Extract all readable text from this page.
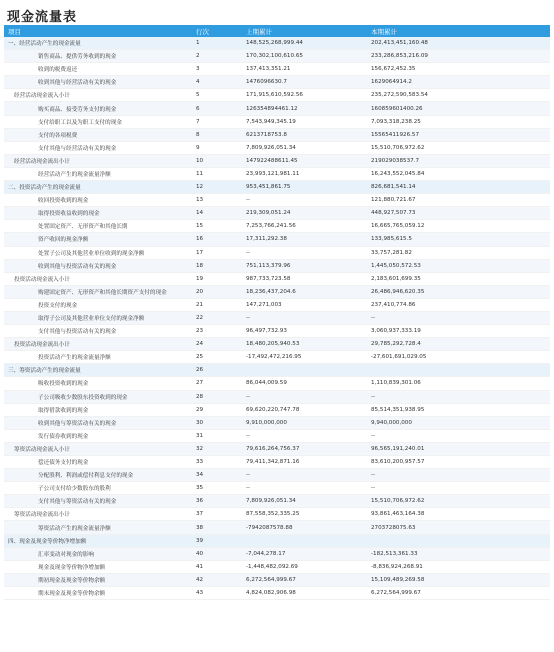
现金流量表
项目	行次	上期累计	本期累计
一、经营活动产生的现金流量	1	148,525,268,999.44	202,413,451,160.48
销售商品、提供劳务收到的现金	2	170,302,100,610.65	233,286,853,216.09
收到的税费返还	3	137,413,351.21	156,672,452.35
收到其他与经营活动有关的现金	4	1476096630.7	1629064914.2
经营活动现金流入小计	5	171,915,610,592.56	235,272,590,583.54
购买商品、接受劳务支付的现金	6	126354894461.12	160859601400.26
支付给职工以及为职工支付的现金	7	7,543,949,345.19	7,093,318,238.25
支付的各项税费	8	6213718753.8	15565411926.57
支付其他与经营活动有关的现金	9	7,809,926,051.34	15,510,706,972.62
经营活动现金流出小计	10	147922488611.45	219029038537.7
经营活动产生的现金流量净额	11	23,993,121,981.11	16,243,552,045.84
二、投资活动产生的现金流量	12	953,451,861.75	826,681,541.14
收回投资收到的现金	13	--	121,880,721.67
取得投资收益收到的现金	14	219,309,051.24	448,927,507.73
处置固定资产、无形资产和其他长期	15	7,253,766,241.56	16,665,765,059.12
资产收回的现金净额	16	17,311,292.38	133,985,615.5
处置子公司及其他营业单位收到的现金净额	17	--	33,757,281.82
收到其他与投资活动有关的现金	18	751,113,379.96	1,445,050,572.53
投资活动现金流入小计	19	987,733,723.58	2,183,601,699.35
购建固定资产、无形资产和其他长期资产支付的现金	20	18,236,437,204.6	26,486,946,620.35
投资支付的现金	21	147,271,003	237,410,774.86
取得子公司及其他营业单位支付的现金净额	22	--	--
支付其他与投资活动有关的现金	23	96,497,732.93	3,060,937,333.19
投资活动现金流出小计	24	18,480,205,940.53	29,785,292,728.4
投资活动产生的现金流量净额	25	-17,492,472,216.95	-27,601,691,029.05
三、筹资活动产生的现金流量	26
吸收投资收到的现金	27	86,044,009.59	1,110,839,301.06
子公司吸收少数股东投资收到的现金	28	--	--
取得借款收到的现金	29	69,620,220,747.78	85,514,351,938.95
收到其他与筹资活动有关的现金	30	9,910,000,000	9,940,000,000
发行债券收到的现金	31	--	--
筹资活动现金流入小计	32	79,616,264,756.37	96,565,191,240.01
偿还债务支付的现金	33	79,411,342,871.16	83,610,200,957.57
分配股利、利润或偿付利息支付的现金	34	--	--
子公司支付给少数股东的股利	35	--	--
支付其他与筹资活动有关的现金	36	7,809,926,051.34	15,510,706,972.62
筹资活动现金流出小计	37	87,558,352,335.25	93,861,463,164.38
筹资活动产生的现金流量净额	38	-7942087578.88	2703728075.63
四、现金及现金等价物净增加额	39
汇率变动对现金的影响	40	-7,044,278.17	-182,513,361.33
现金及现金等价物净增加额	41	-1,448,482,092.69	-8,836,924,268.91
期初现金及现金等价物余额	42	6,272,564,999.67	15,109,489,269.58
期末现金及现金等价物余额	43	4,824,082,906.98	6,272,564,999.67
